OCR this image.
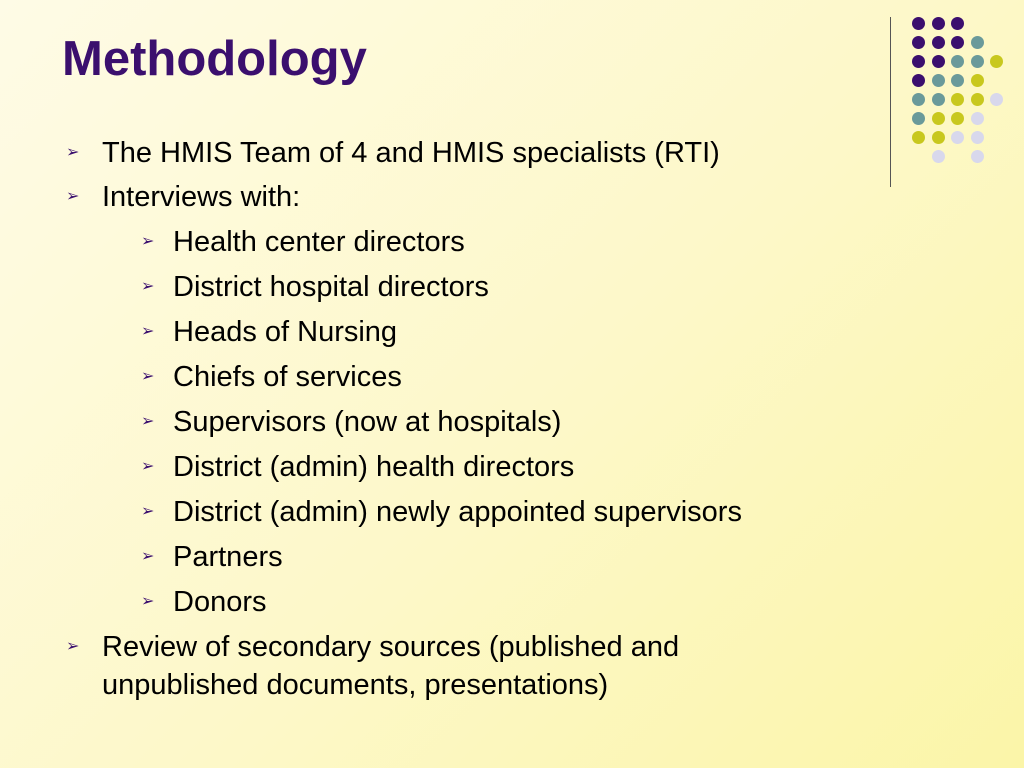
Methodology
➢ The HMIS Team of 4 and HMIS specialists (RTI)
➢ Interviews with:
➢ Health center directors
➢ District hospital directors
➢ Heads of Nursing
➢ Chiefs of services
➢ Supervisors (now at hospitals)
➢ District (admin) health directors
➢ District (admin) newly appointed supervisors
➢ Partners
➢ Donors
➢ Review of secondary sources (published and unpublished documents, presentations)
